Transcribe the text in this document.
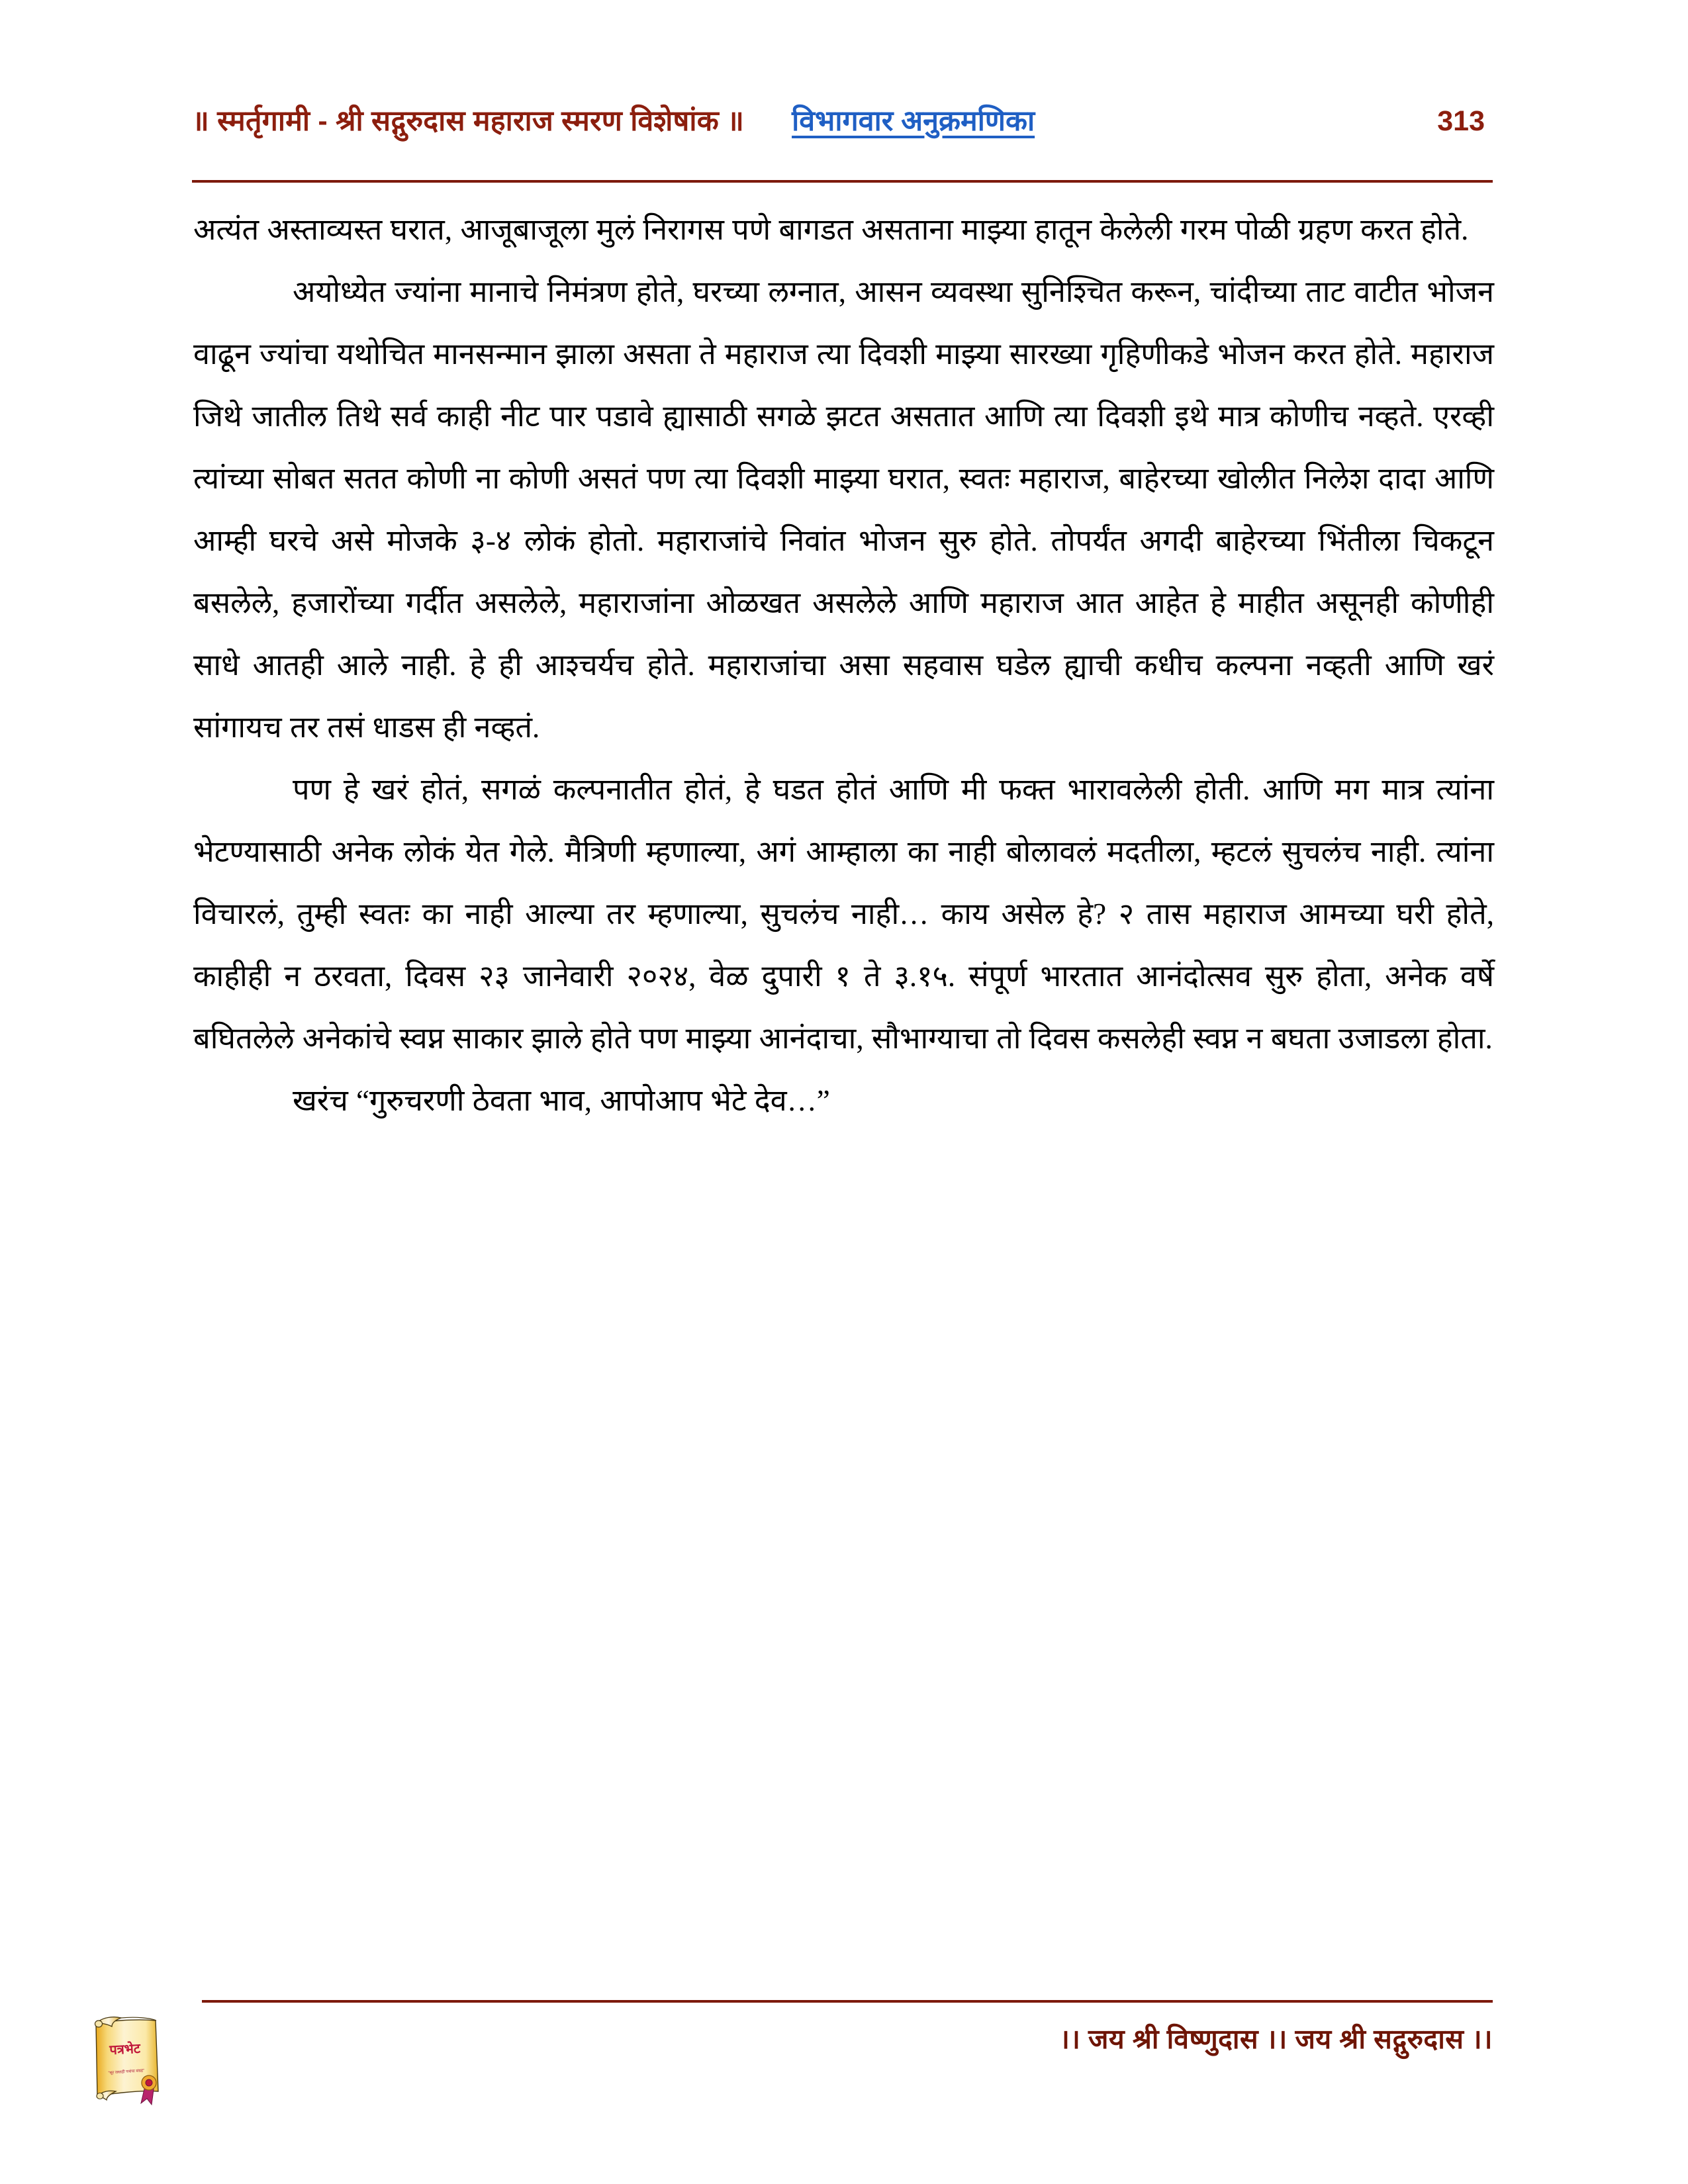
॥ स्मर्तृगामी - श्री सद्गुरुदास महाराज स्मरण विशेषांक ॥ विभागवार अनुक्रमणिका	313

अत्यंत अस्ताव्यस्त घरात, आजूबाजूला मुलं निरागस पणे बागडत असताना माझ्या हातून केलेली गरम पोळी ग्रहण करत होते.

अयोध्येत ज्यांना मानाचे निमंत्रण होते, घरच्या लग्नात, आसन व्यवस्था सुनिश्चित करून, चांदीच्या ताट वाटीत भोजन वाढून ज्यांचा यथोचित मानसन्मान झाला असता ते महाराज त्या दिवशी माझ्या सारख्या गृहिणीकडे भोजन करत होते. महाराज जिथे जातील तिथे सर्व काही नीट पार पडावे ह्यासाठी सगळे झटत असतात आणि त्या दिवशी इथे मात्र कोणीच नव्हते. एरव्ही त्यांच्या सोबत सतत कोणी ना कोणी असतं पण त्या दिवशी माझ्या घरात, स्वतः महाराज, बाहेरच्या खोलीत निलेश दादा आणि आम्ही घरचे असे मोजके ३-४ लोकं होतो. महाराजांचे निवांत भोजन सुरु होते. तोपर्यंत अगदी बाहेरच्या भिंतीला चिकटून बसलेले, हजारोंच्या गर्दीत असलेले, महाराजांना ओळखत असलेले आणि महाराज आत आहेत हे माहीत असूनही कोणीही साधे आतही आले नाही. हे ही आश्चर्यच होते. महाराजांचा असा सहवास घडेल ह्याची कधीच कल्पना नव्हती आणि खरं सांगायच तर तसं धाडस ही नव्हतं.

पण हे खरं होतं, सगळं कल्पनातीत होतं, हे घडत होतं आणि मी फक्त भारावलेली होती. आणि मग मात्र त्यांना भेटण्यासाठी अनेक लोकं येत गेले. मैत्रिणी म्हणाल्या, अगं आम्हाला का नाही बोलावलं मदतीला, म्हटलं सुचलंच नाही. त्यांना विचारलं, तुम्ही स्वतः का नाही आल्या तर म्हणाल्या, सुचलंच नाही… काय असेल हे? २ तास महाराज आमच्या घरी होते, काहीही न ठरवता, दिवस २३ जानेवारी २०२४, वेळ दुपारी १ ते ३.१५. संपूर्ण भारतात आनंदोत्सव सुरु होता, अनेक वर्षे बघितलेले अनेकांचे स्वप्न साकार झाले होते पण माझ्या आनंदाचा, सौभाग्याचा तो दिवस कसलेही स्वप्न न बघता उजाडला होता.

खरंच “गुरुचरणी ठेवता भाव, आपोआप भेटे देव…”

।। जय श्री विष्णुदास ।। जय श्री सद्गुरुदास ।।
पत्रभेट
“सूर जसाही पत्रांचा संग्रह”
